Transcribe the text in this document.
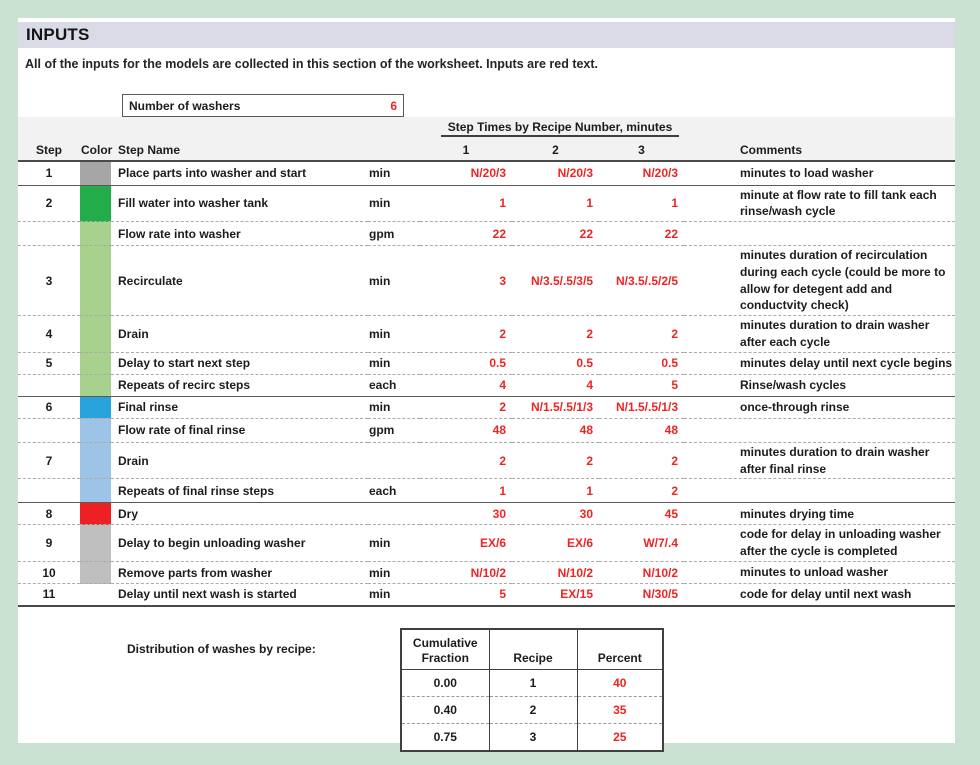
INPUTS
All of the inputs for the models are collected in this section of the worksheet. Inputs are red text.
Number of washers	6

				Step Times by Recipe Number, minutes			

Step	Color	Step Name		1	2	3	Comments
1		Place parts into washer and start	min	N/20/3	N/20/3	N/20/3	minutes to load washer
2		Fill water into washer tank	min	1	1	1	minute at flow rate to fill tank each rinse/wash cycle
		Flow rate into washer	gpm	22	22	22	
3		Recirculate	min	3	N/3.5/.5/3/5	N/3.5/.5/2/5	minutes duration of recirculation during each cycle (could be more to allow for detegent add and conductvity check)
4		Drain	min	2	2	2	minutes duration to drain washer after each cycle
5		Delay to start next step	min	0.5	0.5	0.5	minutes delay until next cycle begins
		Repeats of recirc steps	each	4	4	5	Rinse/wash cycles
6		Final rinse	min	2	N/1.5/.5/1/3	N/1.5/.5/1/3	once-through rinse
		Flow rate of final rinse	gpm	48	48	48	
7		Drain		2	2	2	minutes duration to drain washer after final rinse
		Repeats of final rinse steps	each	1	1	2	
8		Dry		30	30	45	minutes drying time
9		Delay to begin unloading washer	min	EX/6	EX/6	W/7/.4	code for delay in unloading washer after the cycle is completed
10		Remove parts from washer	min	N/10/2	N/10/2	N/10/2	minutes to unload washer
11		Delay until next wash is started	min	5	EX/15	N/30/5	code for delay until next wash
Distribution of washes by recipe:	Cumulative Fraction	Recipe	Percent
0.00	1	40
0.40	2	35
0.75	3	25
